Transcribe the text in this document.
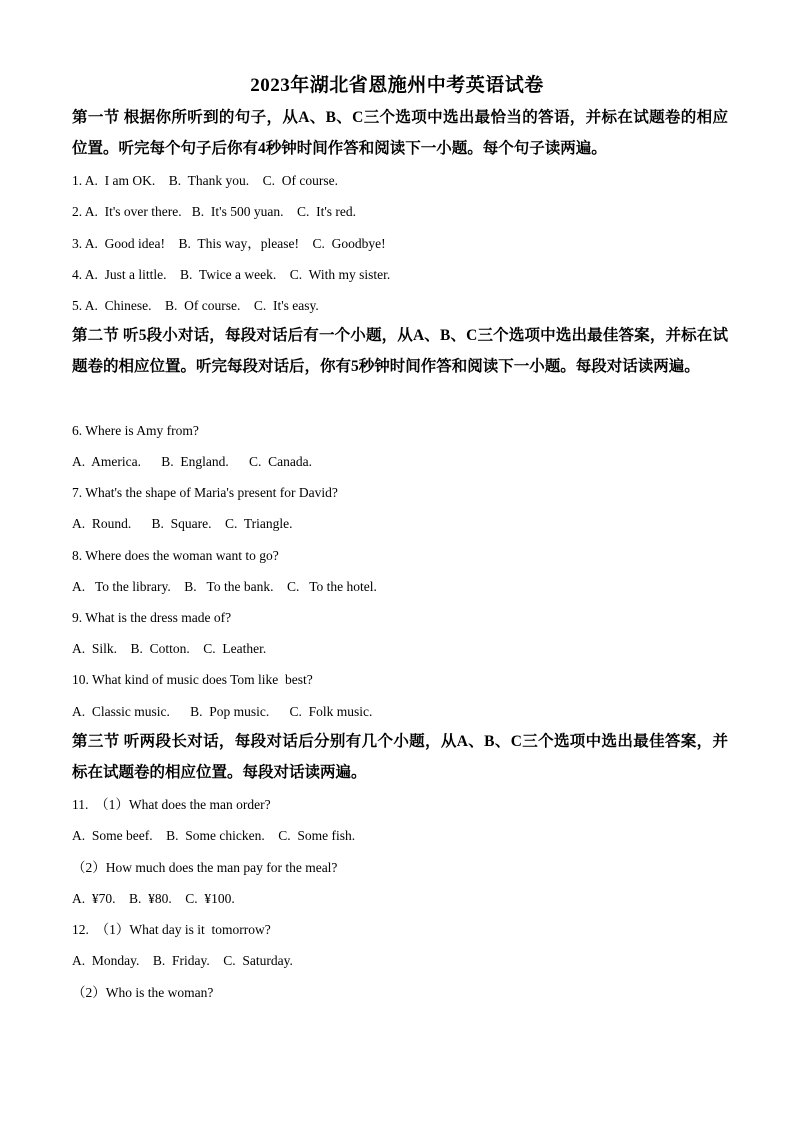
2023年湖北省恩施州中考英语试卷
第一节 根据你所听到的句子，从A、B、C三个选项中选出最恰当的答语，并标在试题卷的相应位置。听完每个句子后你有4秒钟时间作答和阅读下一小题。每个句子读两遍。
1. A.  I am OK.    B.  Thank you.    C.  Of course.
2. A.  It's over there.   B.  It's 500 yuan.    C.  It's red.
3. A.  Good idea!    B.  This way，please!    C.  Goodbye!
4. A.  Just a little.    B.  Twice a week.    C.  With my sister.
5. A.  Chinese.    B.  Of course.    C.  It's easy.
第二节 听5段小对话，每段对话后有一个小题，从A、B、C三个选项中选出最佳答案，并标在试题卷的相应位置。听完每段对话后，你有5秒钟时间作答和阅读下一小题。每段对话读两遍。
6. Where is Amy from?
A.  America.      B.  England.      C.  Canada.
7. What's the shape of Maria's present for David?
A.  Round.      B.  Square.    C.  Triangle.
8. Where does the woman want to go?
A.   To the library.    B.   To the bank.    C.   To the hotel.
9. What is the dress made of?
A.  Silk.    B.  Cotton.    C.  Leather.
10. What kind of music does Tom like  best?
A.  Classic music.      B.  Pop music.      C.  Folk music.
第三节 听两段长对话，每段对话后分别有几个小题，从A、B、C三个选项中选出最佳答案，并标在试题卷的相应位置。每段对话读两遍。
11.  （1）What does the man order?
A.  Some beef.    B.  Some chicken.    C.  Some fish.
（2）How much does the man pay for the meal?
A.  ¥70.    B.  ¥80.    C.  ¥100.
12.  （1）What day is it  tomorrow?
A.  Monday.    B.  Friday.    C.  Saturday.
（2）Who is the woman?
